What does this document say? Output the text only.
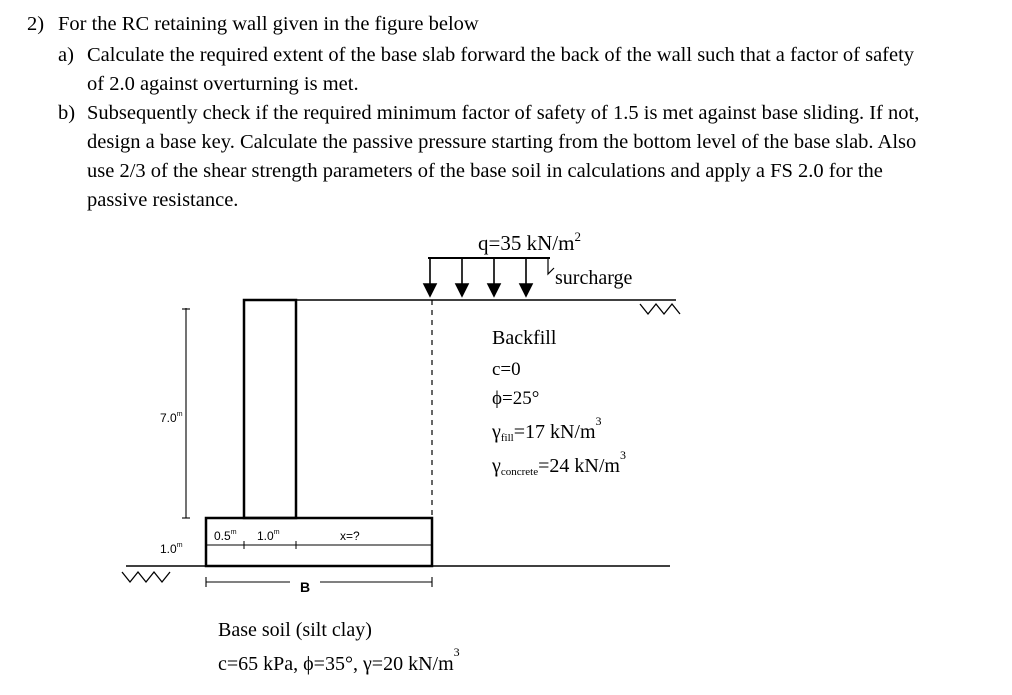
2) For the RC retaining wall given in the figure below
a) Calculate the required extent of the base slab forward the back of the wall such that a factor of safety
of 2.0 against overturning is met.
b) Subsequently check if the required minimum factor of safety of 1.5 is met against base sliding. If not,
design a base key. Calculate the passive pressure starting from the bottom level of the base slab. Also
use 2/3 of the shear strength parameters of the base soil in calculations and apply a FS 2.0 for the
passive resistance.
q=35 $kN/m^2$
surcharge
7.0$^m$
1.0$^m$
0.5$^m$ 1.0$^m$	x=?
B
Backfill
c=0
ϕ=25°
γfill=17 $kN/m^3$
γconcrete=24 $kN/m^3$
Base soil (silt clay)
c=65 kPa, ϕ=35°, γ=20 $kN/m^3$
